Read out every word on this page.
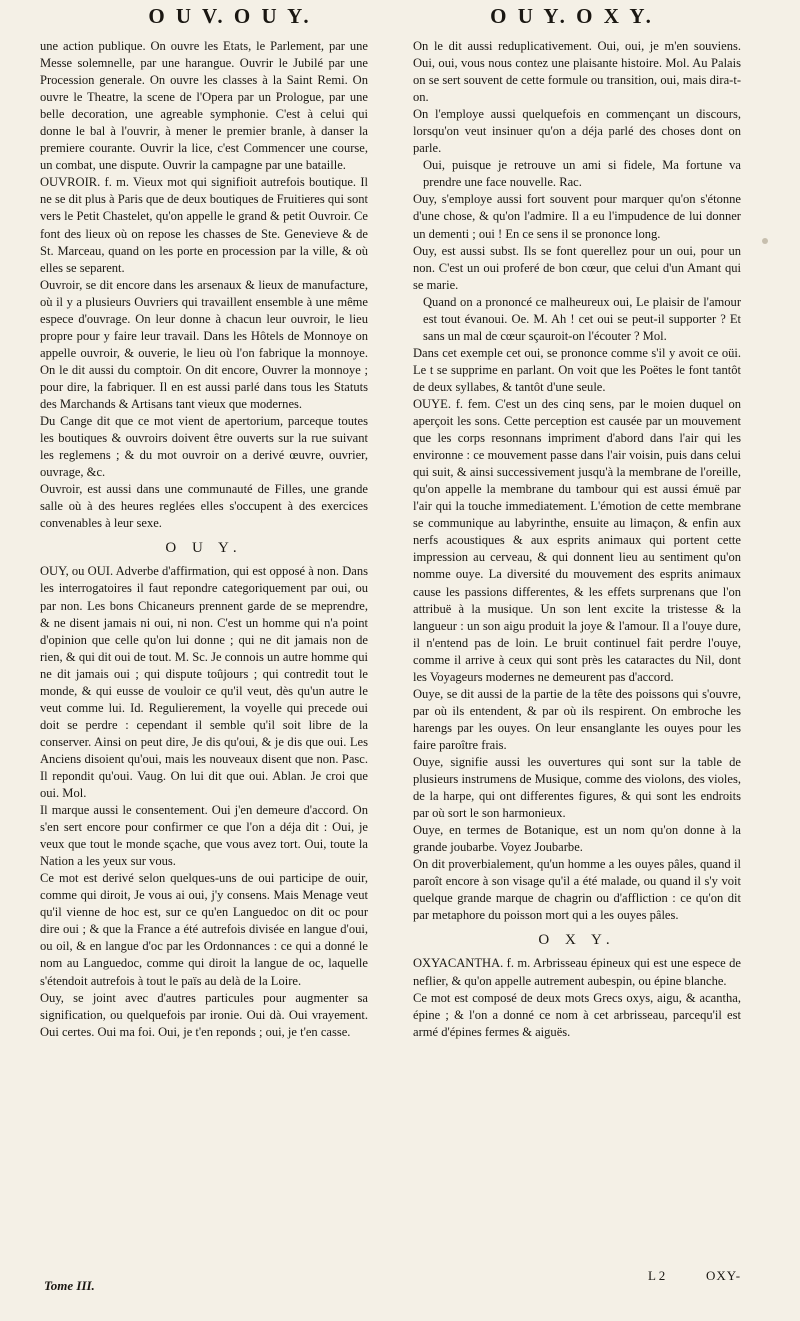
O U V. O U Y.	O U Y. O X Y.

une action publique. On ouvre les Etats, le Parlement, par une Messe solemnelle, par une harangue. Ouvrir le Jubilé par une Procession generale. On ouvre les classes à la Saint Remi. On ouvre le Theatre, la scene de l'Opera par un Prologue, par une belle decoration, une agreable symphonie. C'est à celui qui donne le bal à l'ouvrir, à mener le premier branle, à danser la premiere courante. Ouvrir la lice, c'est Commencer une course, un combat, une dispute. Ouvrir la campagne par une bataille.

OUVROIR. f. m. Vieux mot qui signifioit autrefois boutique. Il ne se dit plus à Paris que de deux boutiques de Fruitieres qui sont vers le Petit Chastelet, qu'on appelle le grand & petit Ouvroir. Ce font des lieux où on repose les chasses de Ste. Genevieve & de St. Marceau, quand on les porte en procession par la ville, & où elles se separent.

Ouvroir, se dit encore dans les arsenaux & lieux de manufacture, où il y a plusieurs Ouvriers qui travaillent ensemble à une même espece d'ouvrage. On leur donne à chacun leur ouvroir, le lieu propre pour y faire leur travail. Dans les Hôtels de Monnoye on appelle ouvroir, & ouverie, le lieu où l'on fabrique la monnoye. On le dit aussi du comptoir. On dit encore, Ouvrer la monnoye ; pour dire, la fabriquer. Il en est aussi parlé dans tous les Statuts des Marchands & Artisans tant vieux que modernes.

Du Cange dit que ce mot vient de apertorium, parceque toutes les boutiques & ouvroirs doivent être ouverts sur la rue suivant les reglemens ; & du mot ouvroir on a derivé œuvre, ouvrier, ouvrage, &c.

Ouvroir, est aussi dans une communauté de Filles, une grande salle où à des heures reglées elles s'occupent à des exercices convenables à leur sexe.

O U Y.

OUY, ou OUI. Adverbe d'affirmation, qui est opposé à non. Dans les interrogatoires il faut repondre categoriquement par oui, ou par non. Les bons Chicaneurs prennent garde de se meprendre, & ne disent jamais ni oui, ni non. C'est un homme qui n'a point d'opinion que celle qu'on lui donne ; qui ne dit jamais non de rien, & qui dit oui de tout. M. Sc. Je connois un autre homme qui ne dit jamais oui ; qui dispute toûjours ; qui contredit tout le monde, & qui eusse de vouloir ce qu'il veut, dès qu'un autre le veut comme lui. Id. Regulierement, la voyelle qui precede oui doit se perdre : cependant il semble qu'il soit libre de la conserver. Ainsi on peut dire, Je dis qu'oui, & je dis que oui. Les Anciens disoient qu'oui, mais les nouveaux disent que non. Pasc. Il repondit qu'oui. Vaug. On lui dit que oui. Ablan. Je croi que oui. Mol.

Il marque aussi le consentement. Oui j'en demeure d'accord. On s'en sert encore pour confirmer ce que l'on a déja dit : Oui, je veux que tout le monde sçache, que vous avez tort. Oui, toute la Nation a les yeux sur vous.

Ce mot est derivé selon quelques-uns de oui participe de ouir, comme qui diroit, Je vous ai oui, j'y consens. Mais Menage veut qu'il vienne de hoc est, sur ce qu'en Languedoc on dit oc pour dire oui ; & que la France a été autrefois divisée en langue d'oui, ou oil, & en langue d'oc par les Ordonnances : ce qui a donné le nom au Languedoc, comme qui diroit la langue de oc, laquelle s'étendoit autrefois à tout le païs au delà de la Loire.

Ouy, se joint avec d'autres particules pour augmenter sa signification, ou quelquefois par ironie. Oui dà. Oui vrayement. Oui certes. Oui ma foi. Oui, je t'en reponds ; oui, je t'en casse.

On le dit aussi reduplicativement. Oui, oui, je m'en souviens. Oui, oui, vous nous contez une plaisante histoire. Mol. Au Palais on se sert souvent de cette formule ou transition, oui, mais dira-t-on.

On l'employe aussi quelquefois en commençant un discours, lorsqu'on veut insinuer qu'on a déja parlé des choses dont on parle.

Oui, puisque je retrouve un ami si fidele, Ma fortune va prendre une face nouvelle. Rac.

Ouy, s'employe aussi fort souvent pour marquer qu'on s'étonne d'une chose, & qu'on l'admire. Il a eu l'impudence de lui donner un dementi ; oui ! En ce sens il se prononce long.

Ouy, est aussi subst. Ils se font querellez pour un oui, pour un non. C'est un oui proferé de bon cœur, que celui d'un Amant qui se marie.

Quand on a prononcé ce malheureux oui, Le plaisir de l'amour est tout évanoui. Oe. M. Ah ! cet oui se peut-il supporter ? Et sans un mal de cœur sçauroit-on l'écouter ? Mol.

Dans cet exemple cet oui, se prononce comme s'il y avoit ce oüi. Le t se supprime en parlant. On voit que les Poëtes le font tantôt de deux syllabes, & tantôt d'une seule.

OUYE. f. fem. C'est un des cinq sens, par le moien duquel on aperçoit les sons. Cette perception est causée par un mouvement que les corps resonnans impriment d'abord dans l'air qui les environne : ce mouvement passe dans l'air voisin, puis dans celui qui suit, & ainsi successivement jusqu'à la membrane de l'oreille, qu'on appelle la membrane du tambour qui est aussi émuë par l'air qui la touche immediatement. L'émotion de cette membrane se communique au labyrinthe, ensuite au limaçon, & enfin aux nerfs acoustiques & aux esprits animaux qui portent cette impression au cerveau, & qui donnent lieu au sentiment qu'on nomme ouye. La diversité du mouvement des esprits animaux cause les passions differentes, & les effets surprenans que l'on attribuë à la musique. Un son lent excite la tristesse & la langueur : un son aigu produit la joye & l'amour. Il a l'ouye dure, il n'entend pas de loin. Le bruit continuel fait perdre l'ouye, comme il arrive à ceux qui sont près les cataractes du Nil, dont les Voyageurs modernes ne demeurent pas d'accord.

Ouye, se dit aussi de la partie de la tête des poissons qui s'ouvre, par où ils entendent, & par où ils respirent. On embroche les harengs par les ouyes. On leur ensanglante les ouyes pour les faire paroître frais.

Ouye, signifie aussi les ouvertures qui sont sur la table de plusieurs instrumens de Musique, comme des violons, des violes, de la harpe, qui ont differentes figures, & qui sont les endroits par où sort le son harmonieux.

Ouye, en termes de Botanique, est un nom qu'on donne à la grande joubarbe. Voyez Joubarbe.

On dit proverbialement, qu'un homme a les ouyes pâles, quand il paroît encore à son visage qu'il a été malade, ou quand il s'y voit quelque grande marque de chagrin ou d'affliction : ce qu'on dit par metaphore du poisson mort qui a les ouyes pâles.

O X Y.

OXYACANTHA. f. m. Arbrisseau épineux qui est une espece de neflier, & qu'on appelle autrement aubespin, ou épine blanche.

Ce mot est composé de deux mots Grecs oxys, aigu, & acantha, épine ; & l'on a donné ce nom à cet arbrisseau, parcequ'il est armé d'épines fermes & aiguës.

Tome III.
L 2	OXY-
